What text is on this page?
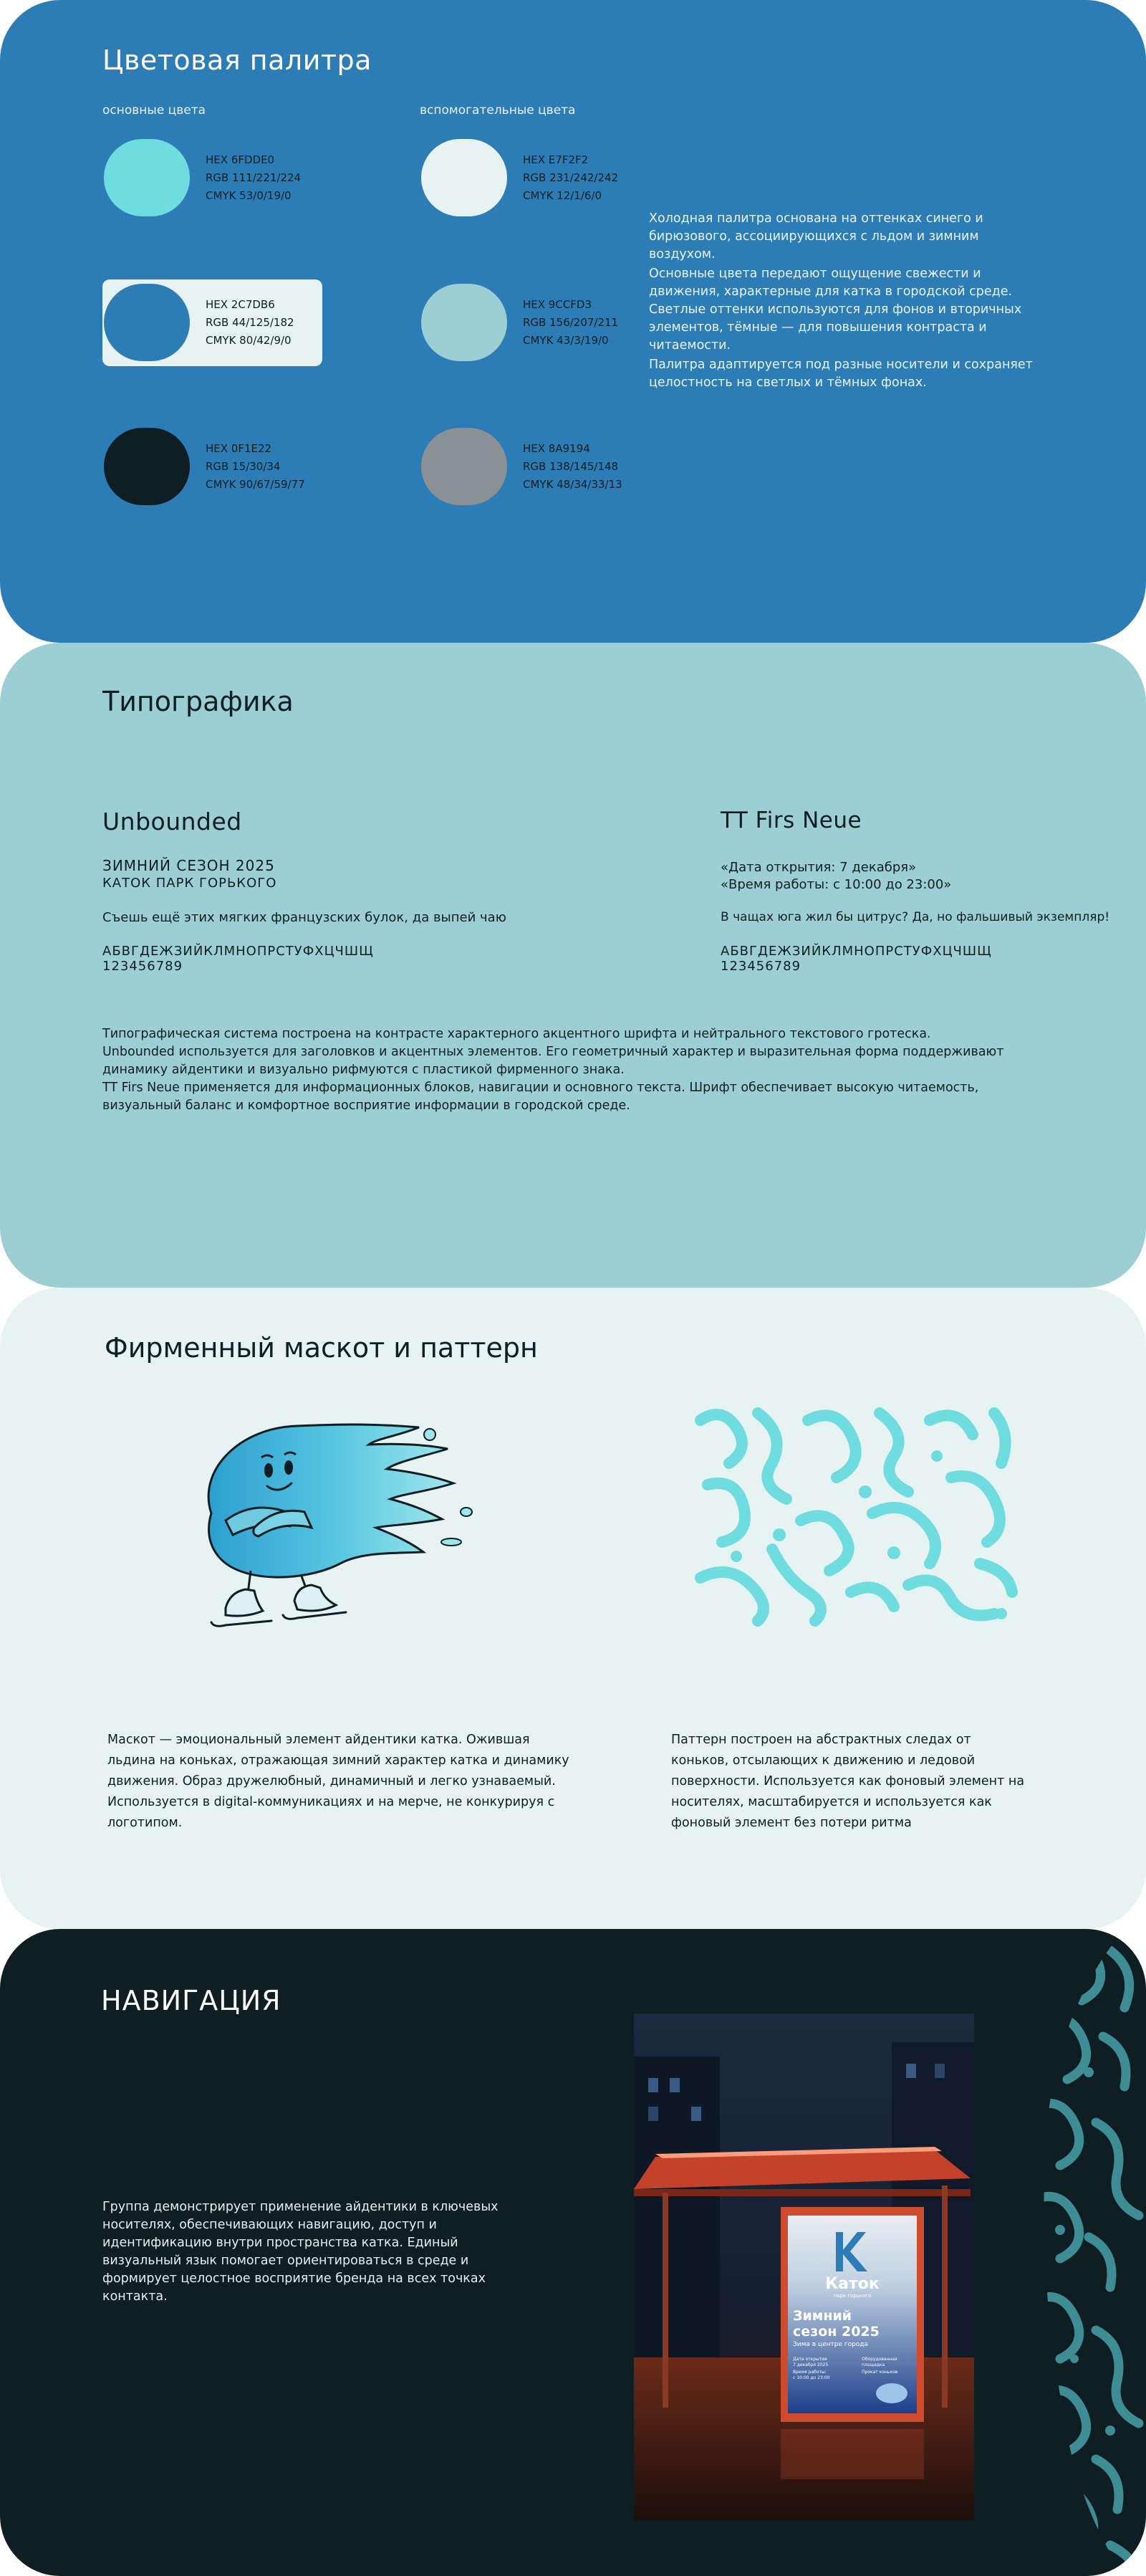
Цветовая палитра
основные цвета	вспомогательные цвета
HEX 6FDDE0
RGB 111/221/224
CMYK 53/0/19/0
HEX 2C7DB6
RGB 44/125/182
CMYK 80/42/9/0
HEX 0F1E22
RGB 15/30/34
CMYK 90/67/59/77
HEX E7F2F2
RGB 231/242/242
CMYK 12/1/6/0
HEX 9CCFD3
RGB 156/207/211
CMYK 43/3/19/0
HEX 8A9194
RGB 138/145/148
CMYK 48/34/33/13

Холодная палитра основана на оттенках синего и бирюзового, ассоциирующихся с льдом и зимним воздухом.

Основные цвета передают ощущение свежести и движения, характерные для катка в городской среде. Светлые оттенки используются для фонов и вторичных элементов, тёмные — для повышения контраста и читаемости.

Палитра адаптируется под разные носители и сохраняет целостность на светлых и тёмных фонах.

Типографика
Unbounded
ЗИМНИЙ СЕЗОН 2025
КАТОК ПАРК ГОРЬКОГО
Съешь ещё этих мягких французских булок, да выпей чаю
АБВГДЕЖЗИЙКЛМНОПРСТУФХЦЧШЩ
123456789
TT Firs Neue
«Дата открытия: 7 декабря»
«Время работы: с 10:00 до 23:00»
В чащах юга жил бы цитрус? Да, но фальшивый экземпляр!
АБВГДЕЖЗИЙКЛМНОПРСТУФХЦЧШЩ
123456789

Типографическая система построена на контрасте характерного акцентного шрифта и нейтрального текстового гротеска.

Unbounded используется для заголовков и акцентных элементов. Его геометричный характер и выразительная форма поддерживают динамику айдентики и визуально рифмуются с пластикой фирменного знака.

TT Firs Neue применяется для информационных блоков, навигации и основного текста. Шрифт обеспечивает высокую читаемость, визуальный баланс и комфортное восприятие информации в городской среде.

Фирменный маскот и паттерн
Маскот — эмоциональный элемент айдентики катка. Ожившая
льдина на коньках, отражающая зимний характер катка и динамику
движения. Образ дружелюбный, динамичный и легко узнаваемый.
Используется в digital-коммуникациях и на мерче, не конкурируя с
логотипом.
Паттерн построен на абстрактных следах от
коньков, отсылающих к движению и ледовой
поверхности. Используется как фоновый элемент на
носителях, масштабируется и используется как
фоновый элемент без потери ритма
НАВИГАЦИЯ

Группа демонстрирует применение айдентики в ключевых носителях, обеспечивающих навигацию, доступ и идентификацию внутри пространства катка. Единый визуальный язык помогает ориентироваться в среде и формирует целостное восприятие бренда на всех точках контакта.

Каток
парк горького
Зимний
сезон 2025
Зима в центре города
Дата открытия
7 декабря 2025
Время работы:
с 10:00 до 23:00
Оборудованная
площадка
Прокат коньков
